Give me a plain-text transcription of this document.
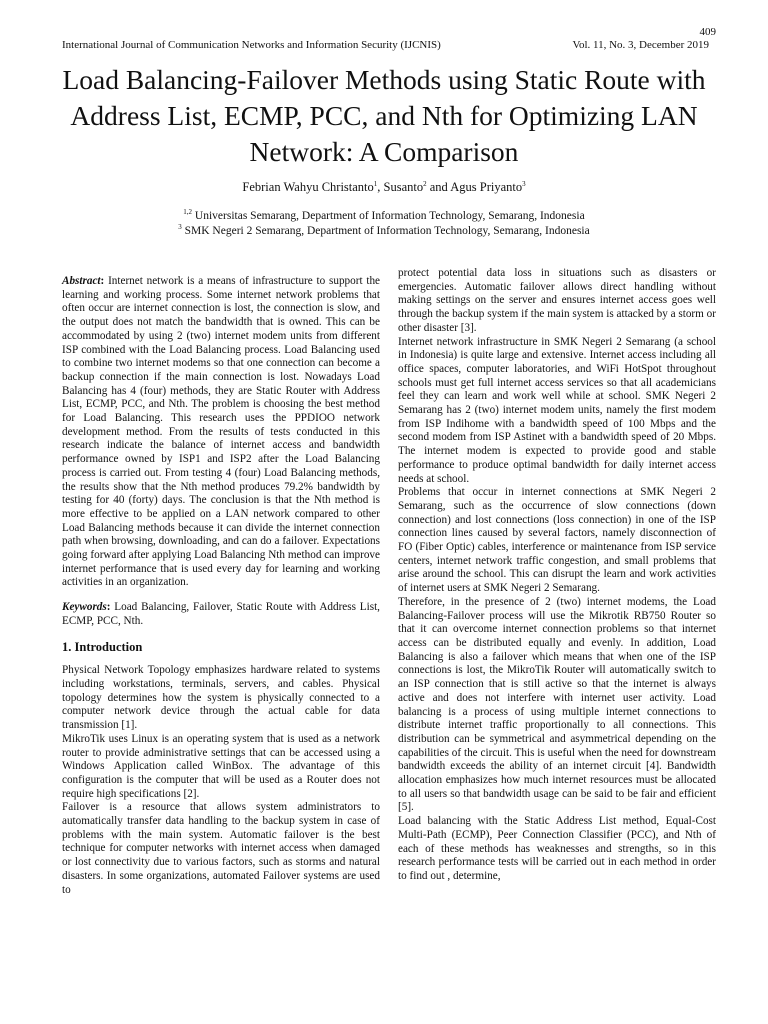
409
International Journal of Communication Networks and Information Security (IJCNIS)	Vol. 11, No. 3, December 2019
Load Balancing-Failover Methods using Static Route with Address List, ECMP, PCC, and Nth for Optimizing LAN Network: A Comparison
Febrian Wahyu Christanto$^1$, Susanto$^2$ and Agus Priyanto$^3$
$^{1,2}$ Universitas Semarang, Department of Information Technology, Semarang, Indonesia
$^3$ SMK Negeri 2 Semarang, Department of Information Technology, Semarang, Indonesia

Abstract: Internet network is a means of infrastructure to support the learning and working process. Some internet network problems that often occur are internet connection is lost, the connection is slow, and the output does not match the bandwidth that is owned. This can be accommodated by using 2 (two) internet modem units from different ISP combined with the Load Balancing process. Load Balancing used to combine two internet modems so that one connection can become a backup connection if the main connection is lost. Nowadays Load Balancing has 4 (four) methods, they are Static Router with Address List, ECMP, PCC, and Nth. The problem is choosing the best method for Load Balancing. This research uses the PPDIOO network development method. From the results of tests conducted in this research indicate the balance of internet access and bandwidth performance owned by ISP1 and ISP2 after the Load Balancing process is carried out. From testing 4 (four) Load Balancing methods, the results show that the Nth method produces 79.2% bandwidth by testing for 40 (forty) days. The conclusion is that the Nth method is more effective to be applied on a LAN network compared to other Load Balancing methods because it can divide the internet connection path when browsing, downloading, and can do a failover. Expectations going forward after applying Load Balancing Nth method can improve internet performance that is used every day for learning and working activities in an organization.

Keywords: Load Balancing, Failover, Static Route with Address List, ECMP, PCC, Nth.

1. Introduction

Physical Network Topology emphasizes hardware related to systems including workstations, terminals, servers, and cables. Physical topology determines how the system is physically connected to a computer network device through the actual cable for data transmission [1].

MikroTik uses Linux is an operating system that is used as a network router to provide administrative settings that can be accessed using a Windows Application called WinBox. The advantage of this configuration is the computer that will be used as a Router does not require high specifications [2].

Failover is a resource that allows system administrators to automatically transfer data handling to the backup system in case of problems with the main system. Automatic failover is the best technique for computer networks with internet access when damaged or lost connectivity due to various factors, such as storms and natural disasters. In some organizations, automated Failover systems are used to

protect potential data loss in situations such as disasters or emergencies. Automatic failover allows direct handling without making settings on the server and ensures internet access goes well through the backup system if the main system is attacked by a storm or other disaster [3].

Internet network infrastructure in SMK Negeri 2 Semarang (a school in Indonesia) is quite large and extensive. Internet access including all office spaces, computer laboratories, and WiFi HotSpot throughout schools must get full internet access services so that all academicians feel they can learn and work well while at school. SMK Negeri 2 Semarang has 2 (two) internet modem units, namely the first modem from ISP Indihome with a bandwidth speed of 100 Mbps and the second modem from ISP Astinet with a bandwidth speed of 20 Mbps. The internet modem is expected to provide good and stable performance to produce optimal bandwidth for daily internet access needs at school.

Problems that occur in internet connections at SMK Negeri 2 Semarang, such as the occurrence of slow connections (down connection) and lost connections (loss connection) in one of the ISP connection lines caused by several factors, namely disconnection of FO (Fiber Optic) cables, interference or maintenance from ISP service centers, internet network traffic congestion, and small problems that arise around the school. This can disrupt the learn and work activities of internet users at SMK Negeri 2 Semarang.

Therefore, in the presence of 2 (two) internet modems, the Load Balancing-Failover process will use the Mikrotik RB750 Router so that it can overcome internet connection problems so that internet access can be distributed equally and evenly. In addition, Load Balancing is also a failover which means that when one of the ISP connections is lost, the MikroTik Router will automatically switch to an ISP connection that is still active so that the internet is always active and does not interfere with internet user activity. Load balancing is a process of using multiple internet connections to distribute internet traffic proportionally to all connections. This distribution can be symmetrical and asymmetrical depending on the capabilities of the circuit. This is useful when the need for downstream bandwidth exceeds the ability of an internet circuit [4]. Bandwidth allocation emphasizes how much internet resources must be allocated to all users so that bandwidth usage can be said to be fair and efficient [5].

Load balancing with the Static Address List method, Equal-Cost Multi-Path (ECMP), Peer Connection Classifier (PCC), and Nth of each of these methods has weaknesses and strengths, so in this research performance tests will be carried out in each method in order to find out , determine,
